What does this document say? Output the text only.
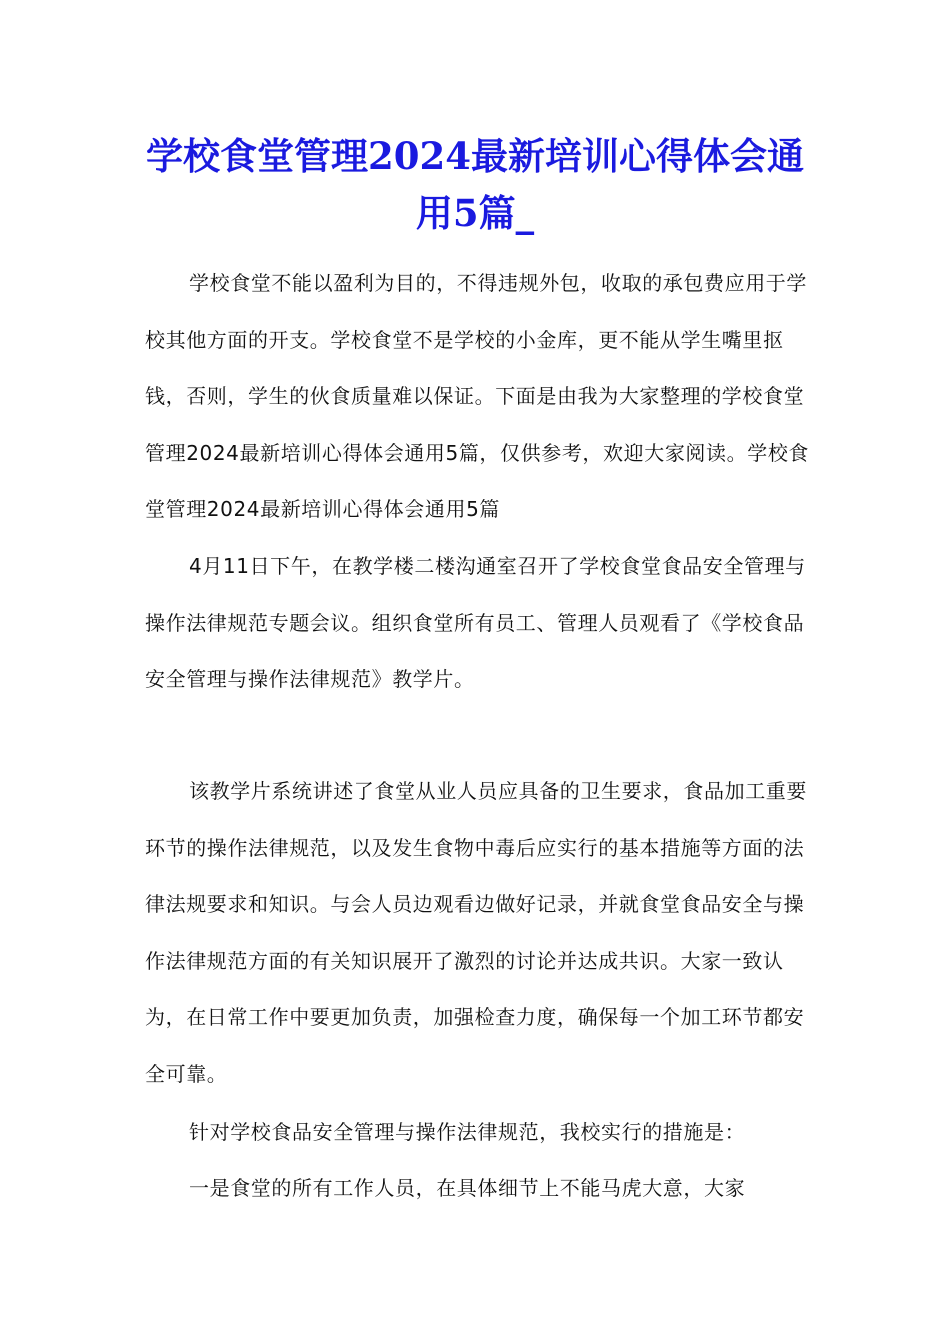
学校食堂管理2024最新培训心得体会通用5篇_

学校食堂不能以盈利为目的，不得违规外包，收取的承包费应用于学校其他方面的开支。学校食堂不是学校的小金库，更不能从学生嘴里抠钱，否则，学生的伙食质量难以保证。下面是由我为大家整理的学校食堂管理2024最新培训心得体会通用5篇，仅供参考，欢迎大家阅读。学校食堂管理2024最新培训心得体会通用5篇

4月11日下午，在教学楼二楼沟通室召开了学校食堂食品安全管理与操作法律规范专题会议。组织食堂所有员工、管理人员观看了《学校食品安全管理与操作法律规范》教学片。

该教学片系统讲述了食堂从业人员应具备的卫生要求，食品加工重要环节的操作法律规范，以及发生食物中毒后应实行的基本措施等方面的法律法规要求和知识。与会人员边观看边做好记录，并就食堂食品安全与操作法律规范方面的有关知识展开了激烈的讨论并达成共识。大家一致认为，在日常工作中要更加负责，加强检查力度，确保每一个加工环节都安全可靠。

针对学校食品安全管理与操作法律规范，我校实行的措施是：

一是食堂的所有工作人员，在具体细节上不能马虎大意，大家
